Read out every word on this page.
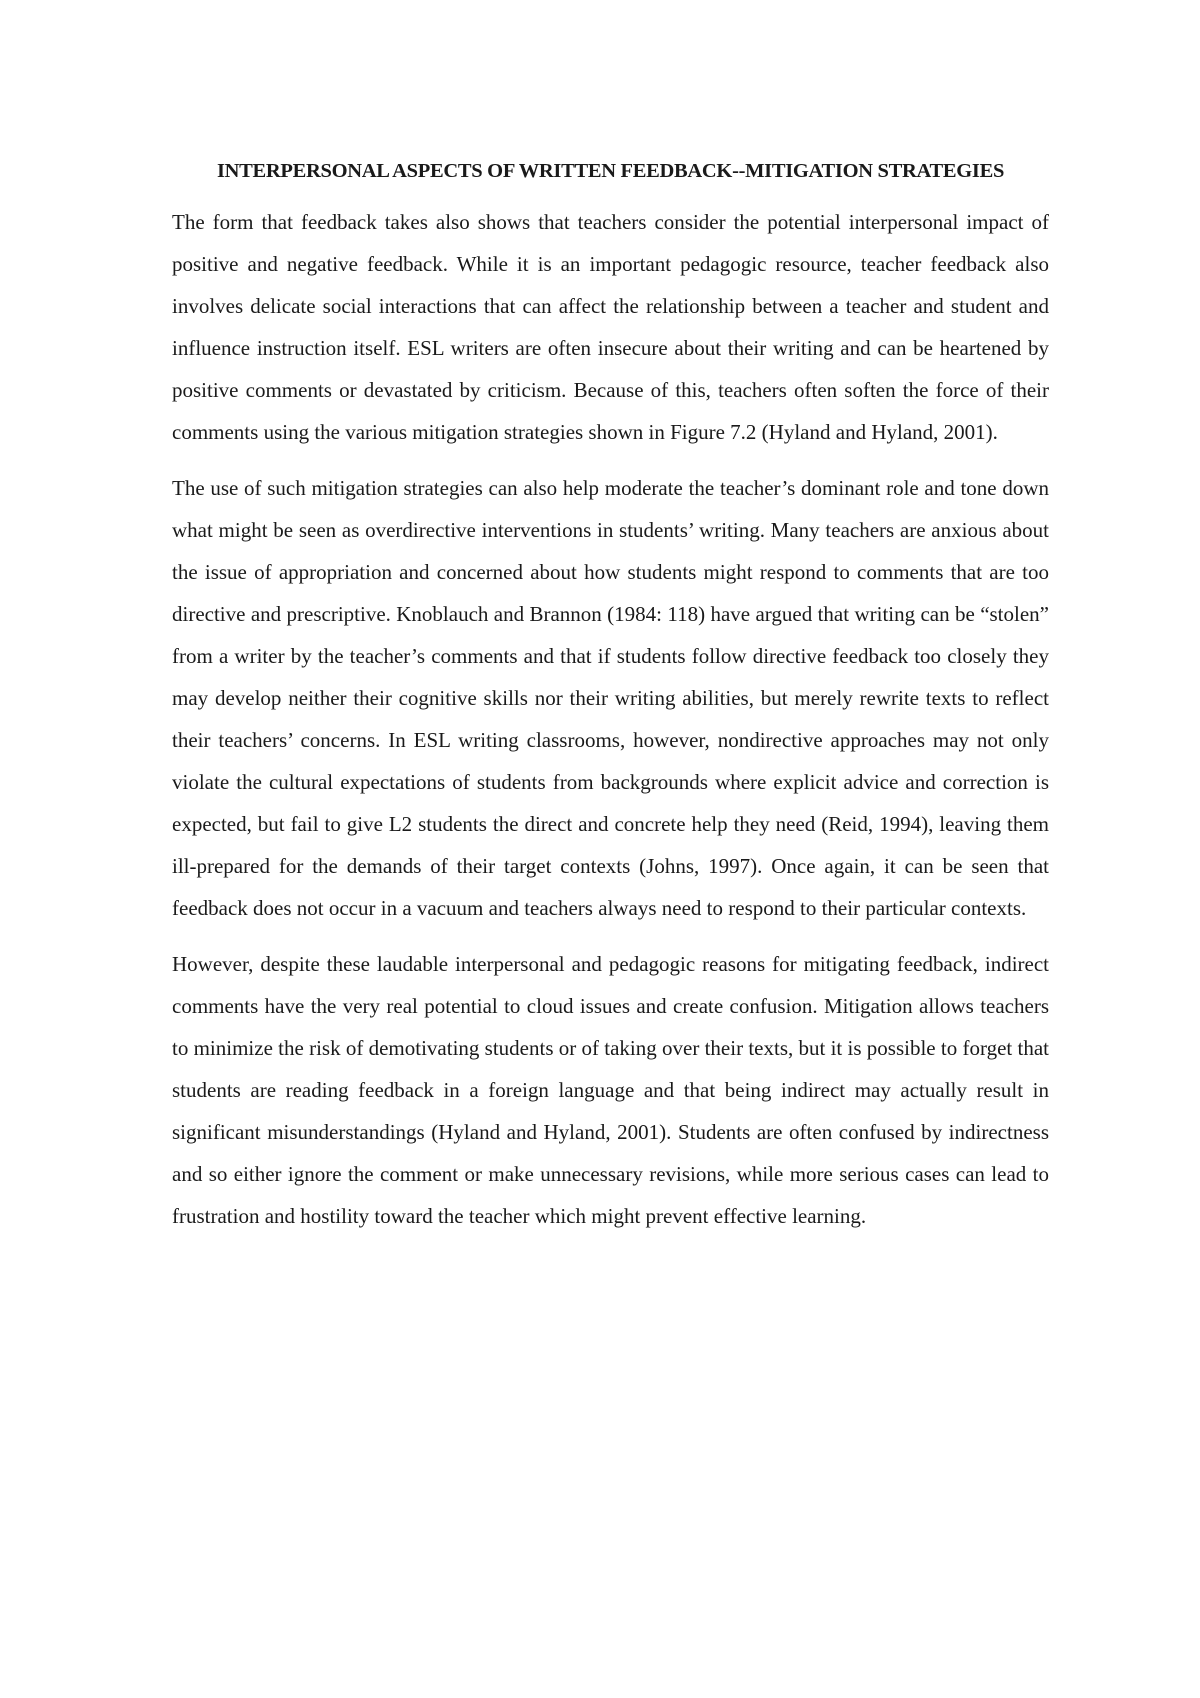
INTERPERSONAL ASPECTS OF WRITTEN FEEDBACK--MITIGATION STRATEGIES

The form that feedback takes also shows that teachers consider the potential interpersonal impact of positive and negative feedback. While it is an important pedagogic resource, teacher feedback also involves delicate social interactions that can affect the relationship between a teacher and student and influence instruction itself. ESL writers are often insecure about their writing and can be heartened by positive comments or devastated by criticism. Because of this, teachers often soften the force of their comments using the various mitigation strategies shown in Figure 7.2 (Hyland and Hyland, 2001).

The use of such mitigation strategies can also help moderate the teacher’s dominant role and tone down what might be seen as overdirective interventions in students’ writing. Many teachers are anxious about the issue of appropriation and concerned about how students might respond to comments that are too directive and prescriptive. Knoblauch and Brannon (1984: 118) have argued that writing can be “stolen” from a writer by the teacher’s comments and that if students follow directive feedback too closely they may develop neither their cognitive skills nor their writing abilities, but merely rewrite texts to reflect their teachers’ concerns. In ESL writing classrooms, however, nondirective approaches may not only violate the cultural expectations of students from backgrounds where explicit advice and correction is expected, but fail to give L2 students the direct and concrete help they need (Reid, 1994), leaving them ill-prepared for the demands of their target contexts (Johns, 1997). Once again, it can be seen that feedback does not occur in a vacuum and teachers always need to respond to their particular contexts.

However, despite these laudable interpersonal and pedagogic reasons for mitigating feedback, indirect comments have the very real potential to cloud issues and create confusion. Mitigation allows teachers to minimize the risk of demotivating students or of taking over their texts, but it is possible to forget that students are reading feedback in a foreign language and that being indirect may actually result in significant misunderstandings (Hyland and Hyland, 2001). Students are often confused by indirectness and so either ignore the comment or make unnecessary revisions, while more serious cases can lead to frustration and hostility toward the teacher which might prevent effective learning.
